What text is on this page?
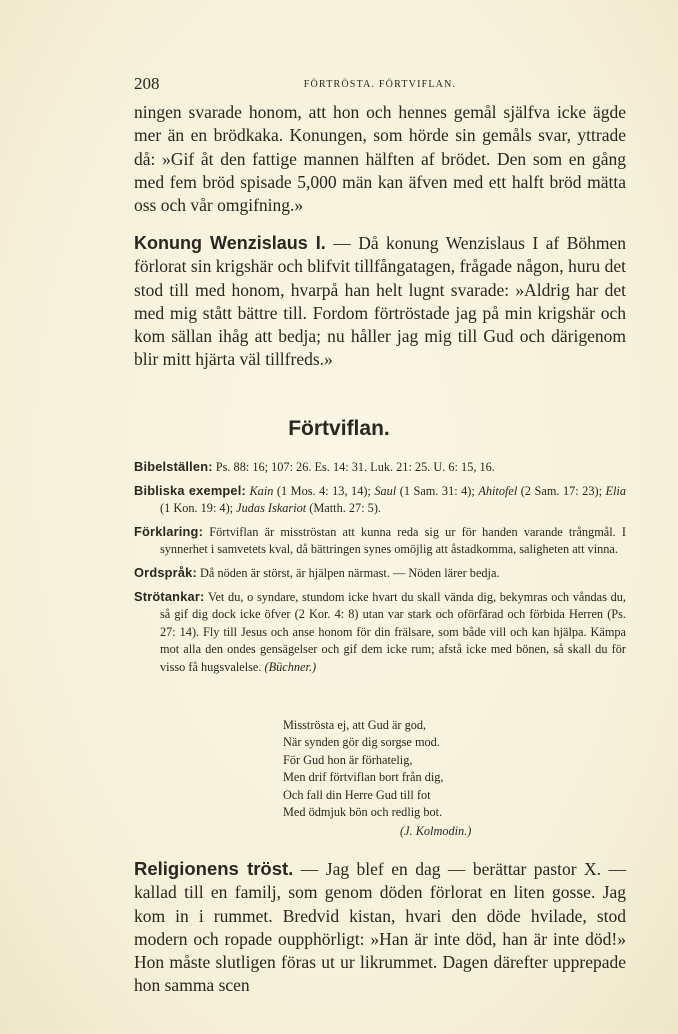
208	FÖRTRÖSTA. FÖRTVIFLAN.

ningen svarade honom, att hon och hennes gemål själfva icke ägde mer än en brödkaka. Konungen, som hörde sin gemåls svar, yttrade då: »Gif åt den fattige mannen hälften af brödet. Den som en gång med fem bröd spisade 5,000 män kan äfven med ett halft bröd mätta oss och vår omgifning.»

Konung Wenzislaus I. — Då konung Wenzislaus I af Böhmen förlorat sin krigshär och blifvit tillfångatagen, frågade någon, huru det stod till med honom, hvarpå han helt lugnt svarade: »Aldrig har det med mig stått bättre till. Fordom förtröstade jag på min krigshär och kom sällan ihåg att bedja; nu håller jag mig till Gud och därigenom blir mitt hjärta väl tillfreds.»

Förtviflan.

Bibelställen: Ps. 88: 16; 107: 26. Es. 14: 31. Luk. 21: 25. U. 6: 15, 16.

Bibliska exempel: Kain (1 Mos. 4: 13, 14); Saul (1 Sam. 31: 4); Ahitofel (2 Sam. 17: 23); Elia (1 Kon. 19: 4); Judas Iskariot (Matth. 27: 5).

Förklaring: Förtviflan är misströstan att kunna reda sig ur för handen varande trångmål. I synnerhet i samvetets kval, då bättringen synes omöjlig att åstadkomma, saligheten att vinna.

Ordspråk: Då nöden är störst, är hjälpen närmast. — Nöden lärer bedja.

Strötankar: Vet du, o syndare, stundom icke hvart du skall vända dig, bekymras och våndas du, så gif dig dock icke öfver (2 Kor. 4: 8) utan var stark och oförfärad och förbida Herren (Ps. 27: 14). Fly till Jesus och anse honom för din frälsare, som både vill och kan hjälpa. Kämpa mot alla den ondes gensägelser och gif dem icke rum; afstå icke med bönen, så skall du för visso få hugsvalelse. (Büchner.)

Misströsta ej, att Gud är god,
När synden gör dig sorgse mod.
För Gud hon är förhatelig,
Men drif förtviflan bort från dig,
Och fall din Herre Gud till fot
Med ödmjuk bön och redlig bot.
(J. Kolmodin.)

Religionens tröst. — Jag blef en dag — berättar pastor X. — kallad till en familj, som genom döden förlorat en liten gosse. Jag kom in i rummet. Bredvid kistan, hvari den döde hvilade, stod modern och ropade oupphörligt: »Han är inte död, han är inte död!» Hon måste slutligen föras ut ur likrummet. Dagen därefter upprepade hon samma scen
